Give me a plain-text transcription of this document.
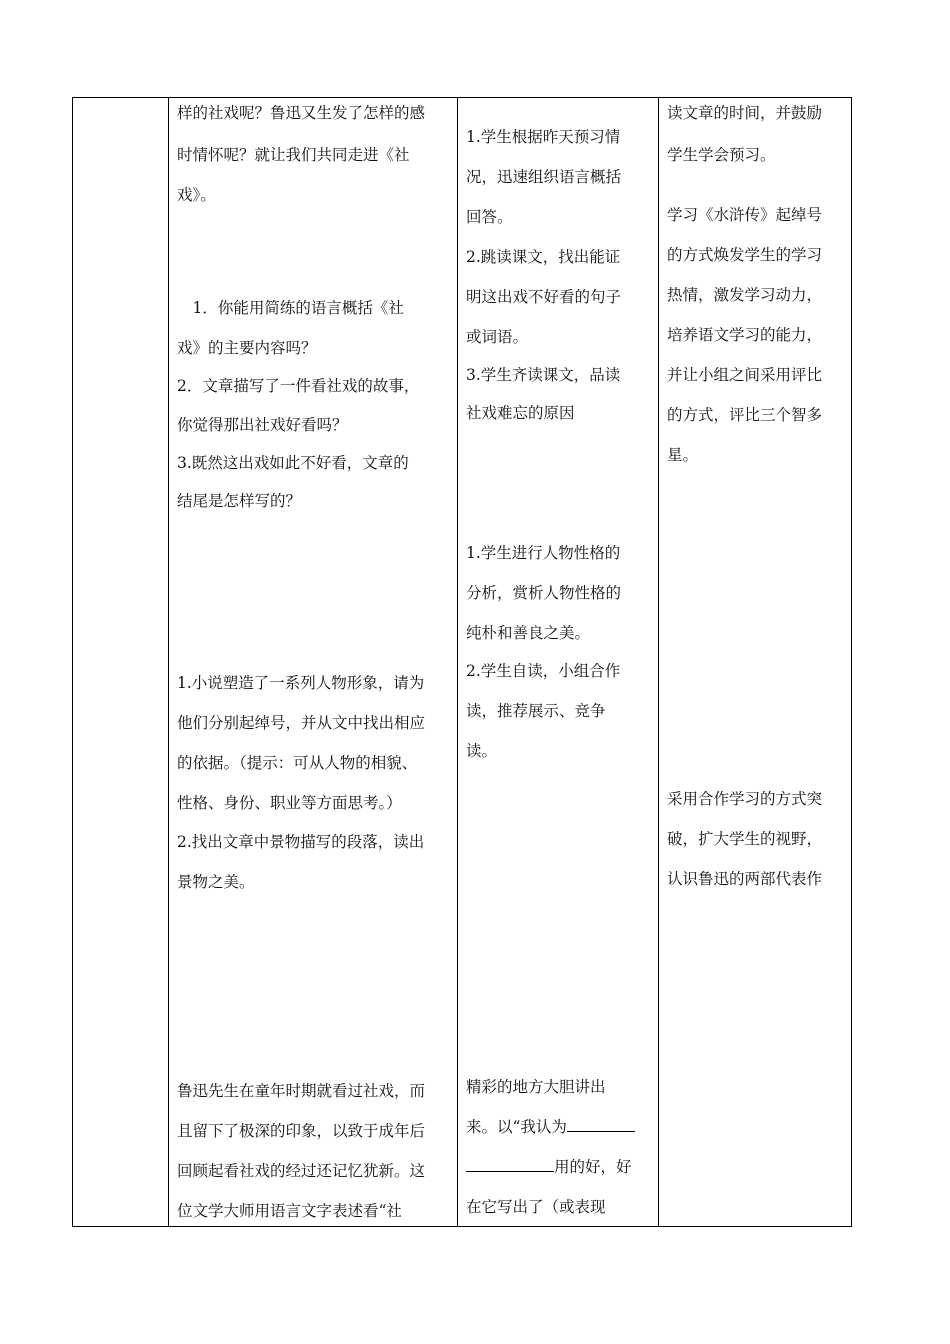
样的社戏呢？鲁迅又生发了怎样的感
时情怀呢？就让我们共同走进《社
戏》。
　1．你能用简练的语言概括《社
戏》的主要内容吗？
2．文章描写了一件看社戏的故事，
你觉得那出社戏好看吗？
3.既然这出戏如此不好看，文章的
结尾是怎样写的？
1.小说塑造了一系列人物形象，请为
他们分别起绰号，并从文中找出相应
的依据。（提示：可从人物的相貌、
性格、身份、职业等方面思考。）
2.找出文章中景物描写的段落，读出
景物之美。
鲁迅先生在童年时期就看过社戏，而
且留下了极深的印象，以致于成年后
回顾起看社戏的经过还记忆犹新。这
位文学大师用语言文字表述看“社
1.学生根据昨天预习情
况，迅速组织语言概括
回答。
2.跳读课文，找出能证
明这出戏不好看的句子
或词语。
3.学生齐读课文，品读
社戏难忘的原因
1.学生进行人物性格的
分析，赏析人物性格的
纯朴和善良之美。
2.学生自读，小组合作
读，推荐展示、竞争
读。
精彩的地方大胆讲出
来。以“我认为
用的好，好
在它写出了（或表现
读文章的时间，并鼓励
学生学会预习。
学习《水浒传》起绰号
的方式焕发学生的学习
热情，激发学习动力，
培养语文学习的能力，
并让小组之间采用评比
的方式，评比三个智多
星。
采用合作学习的方式突
破，扩大学生的视野，
认识鲁迅的两部代表作
